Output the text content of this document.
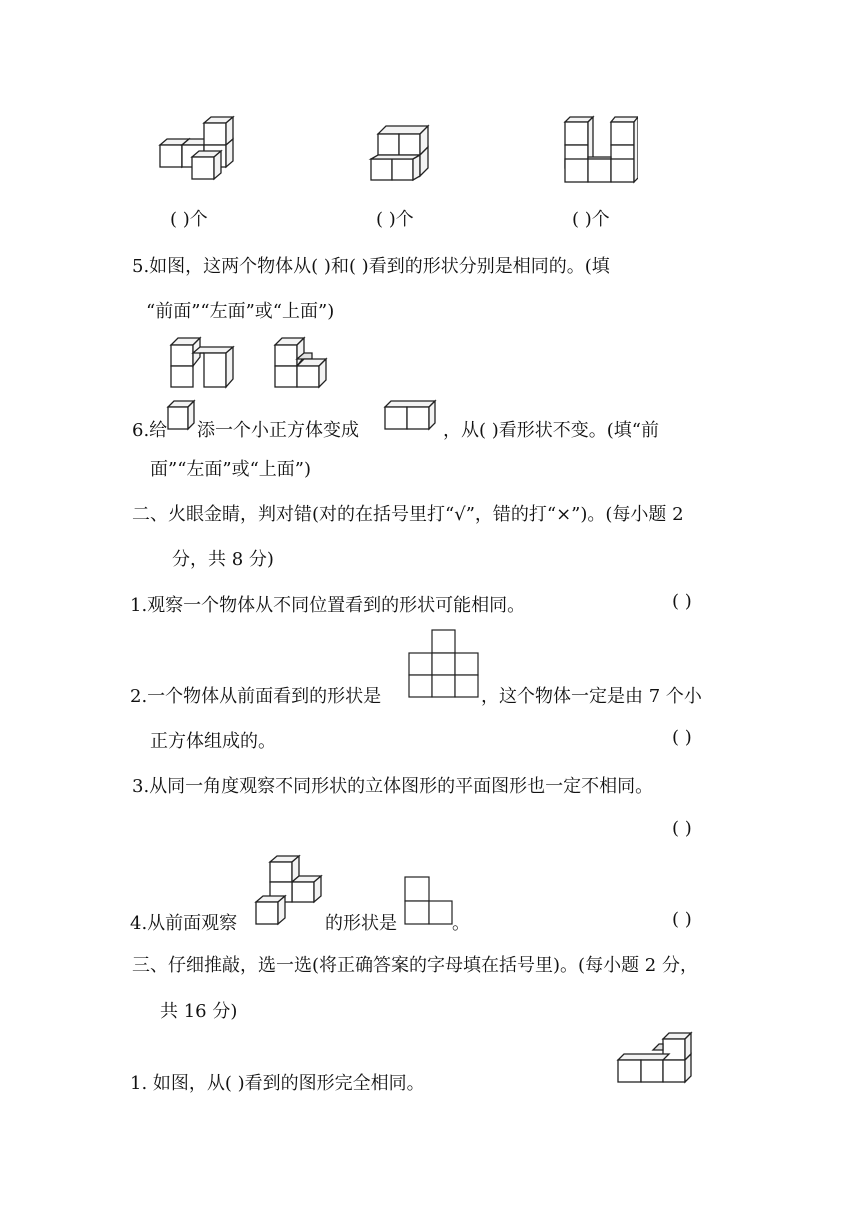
( )个	( )个	( )个
5.如图，这两个物体从( )和( )看到的形状分别是相同的。(填
“前面”“左面”或“上面”)
6.给 添一个小正方体变成	，从( )看形状不变。(填“前
面”“左面”或“上面”)
二、火眼金睛，判对错(对的在括号里打“√”，错的打“×”)。(每小题 2
分，共 8 分)
1.观察一个物体从不同位置看到的形状可能相同。	( )
2.一个物体从前面看到的形状是	，这个物体一定是由 7 个小
正方体组成的。	( )
3.从同一角度观察不同形状的立体图形的平面图形也一定不相同。
( )
4.从前面观察	的形状是	。	( )
三、仔细推敲，选一选(将正确答案的字母填在括号里)。(每小题 2 分，
共 16 分)
1. 如图，从( )看到的图形完全相同。
